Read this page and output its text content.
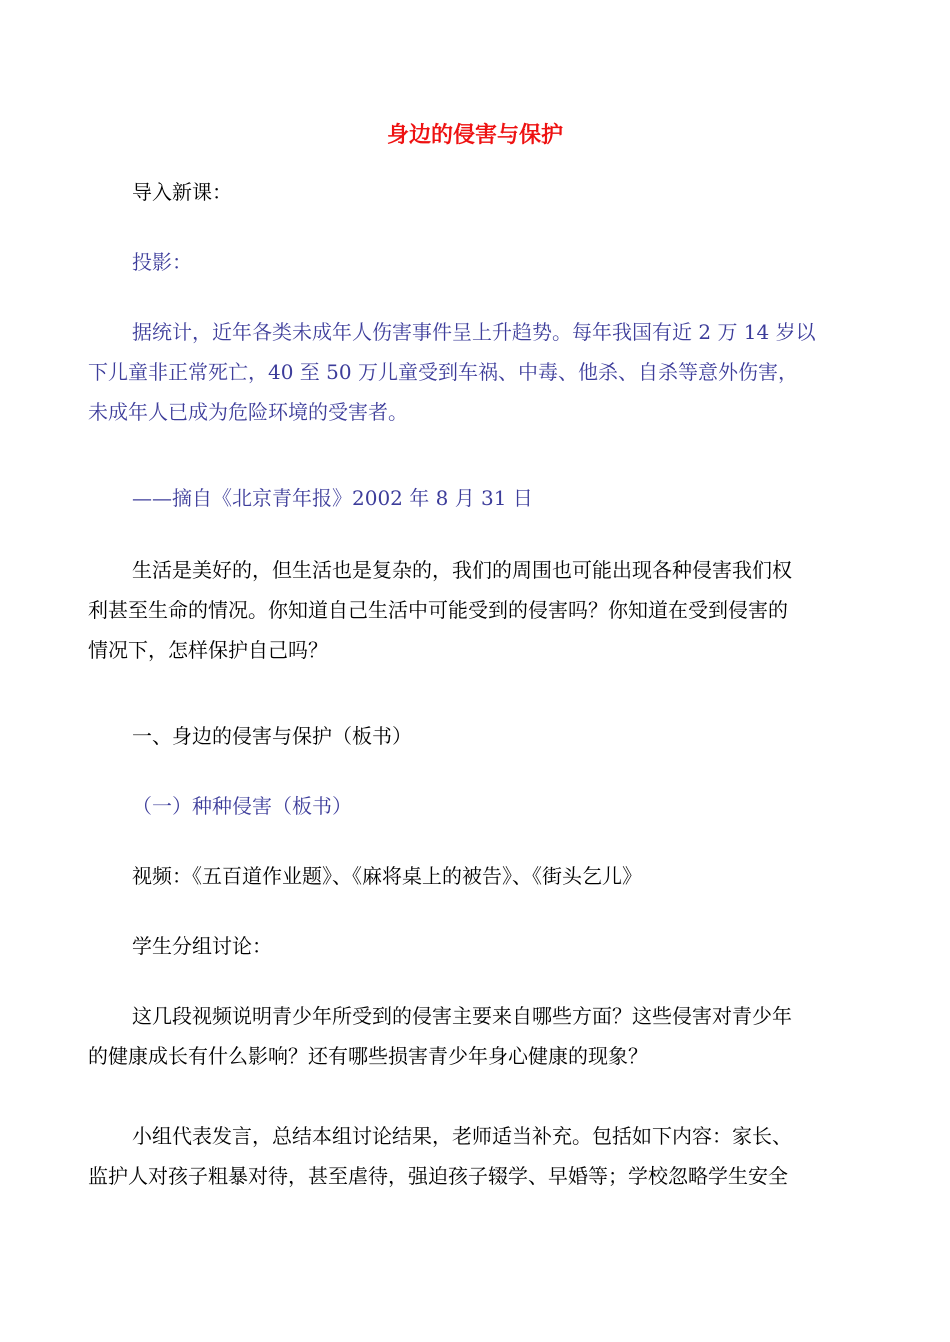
身边的侵害与保护
导入新课：
投影：
据统计，近年各类未成年人伤害事件呈上升趋势。每年我国有近 2 万 14 岁以
下儿童非正常死亡，40 至 50 万儿童受到车祸、中毒、他杀、自杀等意外伤害，
未成年人已成为危险环境的受害者。
——摘自《北京青年报》2002 年 8 月 31 日
生活是美好的，但生活也是复杂的，我们的周围也可能出现各种侵害我们权
利甚至生命的情况。你知道自己生活中可能受到的侵害吗？你知道在受到侵害的
情况下，怎样保护自己吗？
一、身边的侵害与保护（板书）
（一）种种侵害（板书）
视频：《五百道作业题》、《麻将桌上的被告》、《街头乞儿》
学生分组讨论：
这几段视频说明青少年所受到的侵害主要来自哪些方面？这些侵害对青少年
的健康成长有什么影响？还有哪些损害青少年身心健康的现象？
小组代表发言，总结本组讨论结果，老师适当补充。包括如下内容：家长、
监护人对孩子粗暴对待，甚至虐待，强迫孩子辍学、早婚等；学校忽略学生安全
